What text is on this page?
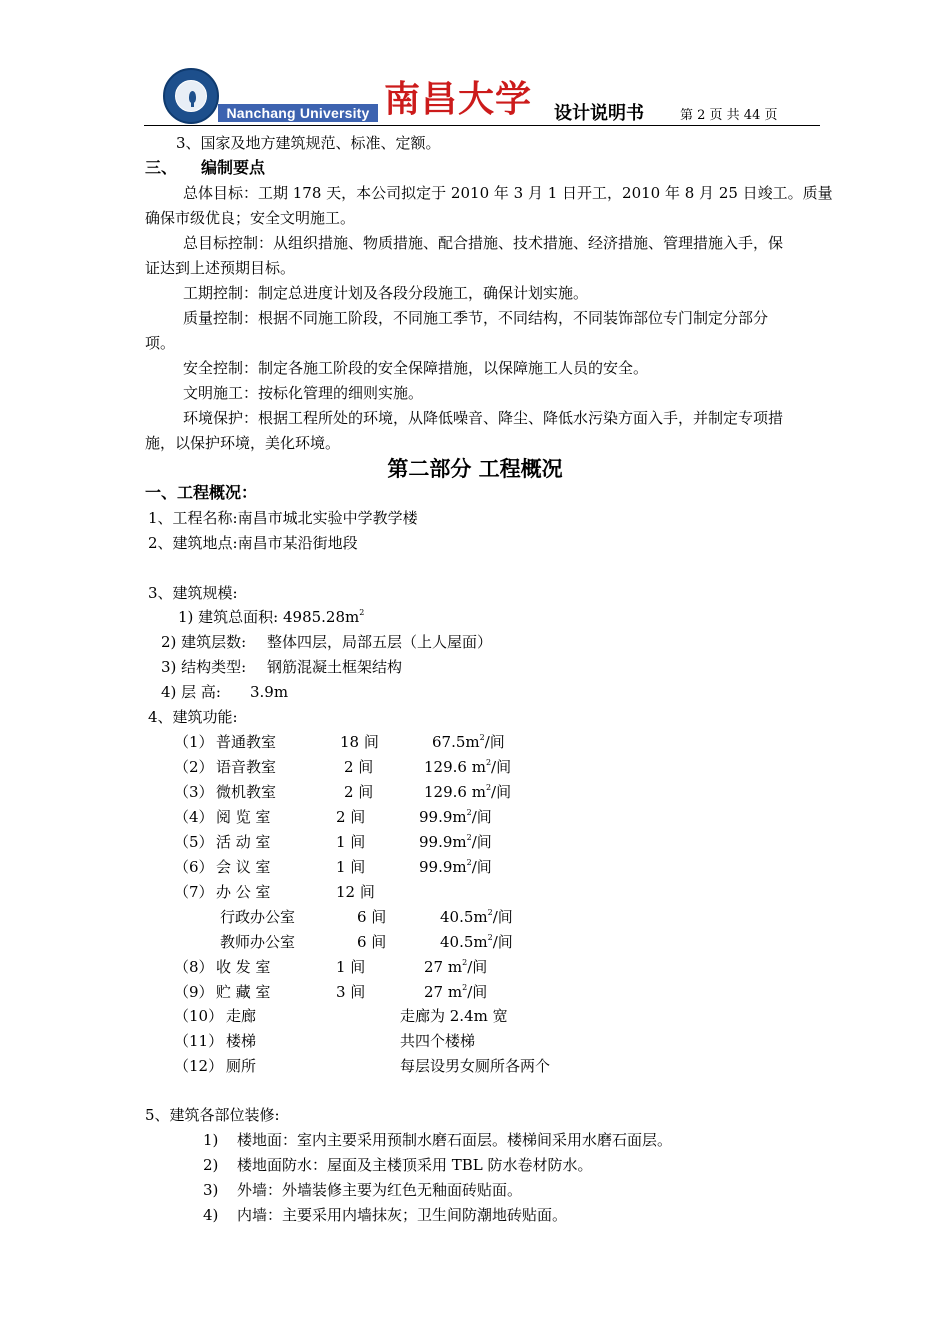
Nanchang University 南昌大学 设计说明书	第 2 页 共 44 页
3、国家及地方建筑规范、标准、定额。
三、 编制要点
总体目标：工期 178 天，本公司拟定于 2010 年 3 月 1 日开工，2010 年 8 月 25 日竣工。质量
确保市级优良；安全文明施工。
总目标控制：从组织措施、物质措施、配合措施、技术措施、经济措施、管理措施入手，保
证达到上述预期目标。
工期控制：制定总进度计划及各段分段施工，确保计划实施。
质量控制：根据不同施工阶段，不同施工季节，不同结构，不同装饰部位专门制定分部分
项。
安全控制：制定各施工阶段的安全保障措施，以保障施工人员的安全。
文明施工：按标化管理的细则实施。
环境保护：根据工程所处的环境，从降低噪音、降尘、降低水污染方面入手，并制定专项措
施，以保护环境，美化环境。
第二部分 工程概况
一、工程概况：
1、工程名称:南昌市城北实验中学教学楼
2、建筑地点:南昌市某沿街地段
3、建筑规模:
1) 建筑总面积: $4985.28m^2$
2) 建筑层数: 整体四层，局部五层（上人屋面）
3) 结构类型: 钢筋混凝土框架结构
4) 层 高: 3.9m
4、建筑功能:
（1） 普通教室	18 间	$67.5m^2/$间
（2） 语音教室	2 间	129.6 $m^2/$间
（3） 微机教室	2 间	129.6 $m^2/$间
（4） 阅 览 室	2 间	$99.9m^2/$间
（5） 活 动 室	1 间	$99.9m^2/$间
（6） 会 议 室	1 间	$99.9m^2/$间
（7） 办 公 室	12 间
行政办公室	6 间	$40.5m^2/$间
教师办公室	6 间	$40.5m^2/$间
（8） 收 发 室	1 间	27 $m^2/$间
（9） 贮 藏 室	3 间	27 $m^2/$间
（10） 走廊	走廊为 2.4m 宽
（11） 楼梯	共四个楼梯
（12） 厕所	每层设男女厕所各两个
5、建筑各部位装修:
1) 楼地面：室内主要采用预制水磨石面层。楼梯间采用水磨石面层。
2) 楼地面防水：屋面及主楼顶采用 TBL 防水卷材防水。
3) 外墙：外墙装修主要为红色无釉面砖贴面。
4) 内墙：主要采用内墙抹灰；卫生间防潮地砖贴面。
